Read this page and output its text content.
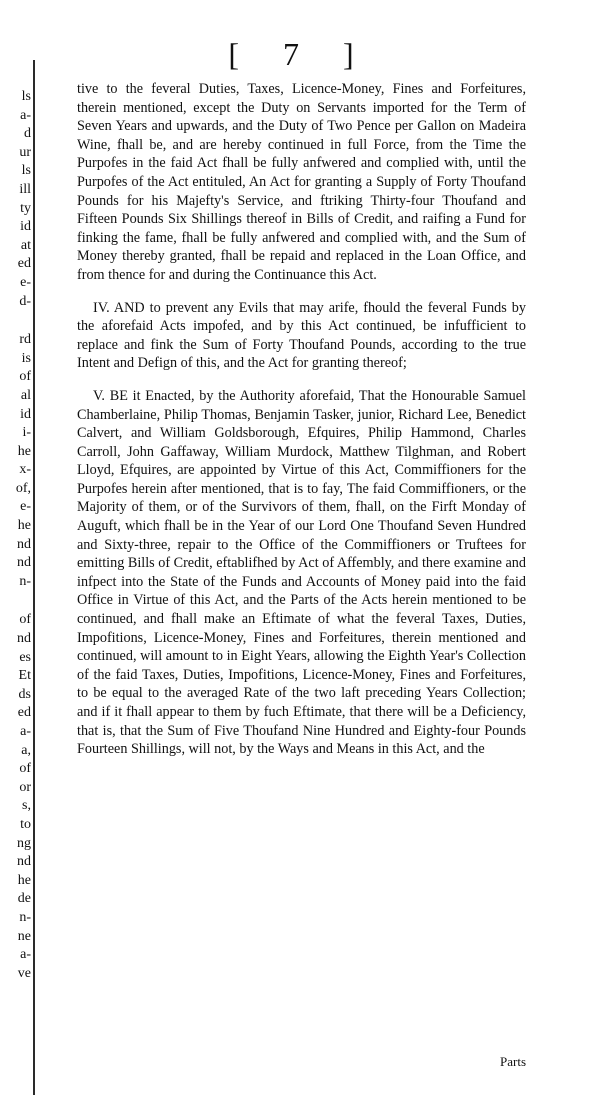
ls
a-
d
ur
ls
ill
ty
id
at
ed
e-
d-
rd
is
of
al
id
i-
he
x-
of,
e-
he
nd
nd
n-
of
nd
es
Et
ds
ed
a-
a,
of
or
s,
to
ng
nd
he
de
n-
ne
a-
ve
[ 7 ]

tive to the feveral Duties, Taxes, Licence-Money, Fines and Forfeitures, therein mentioned, except the Duty on Servants imported for the Term of Seven Years and upwards, and the Duty of Two Pence per Gallon on Madeira Wine, fhall be, and are hereby continued in full Force, from the Time the Purpofes in the faid Act fhall be fully anfwered and complied with, until the Purpofes of the Act entituled, An Act for granting a Supply of Forty Thoufand Pounds for his Majefty's Service, and ftriking Thirty-four Thoufand and Fifteen Pounds Six Shillings thereof in Bills of Credit, and raifing a Fund for finking the fame, fhall be fully anfwered and complied with, and the Sum of Money thereby granted, fhall be repaid and replaced in the Loan Office, and from thence for and during the Continuance this Act.

IV. AND to prevent any Evils that may arife, fhould the feveral Funds by the aforefaid Acts impofed, and by this Act continued, be infufficient to replace and fink the Sum of Forty Thoufand Pounds, according to the true Intent and Defign of this, and the Act for granting thereof;

V. BE it Enacted, by the Authority aforefaid, That the Honourable Samuel Chamberlaine, Philip Thomas, Benjamin Tasker, junior, Richard Lee, Benedict Calvert, and William Goldsborough, Efquires, Philip Hammond, Charles Carroll, John Gaffaway, William Murdock, Matthew Tilghman, and Robert Lloyd, Efquires, are appointed by Virtue of this Act, Commiffioners for the Purpofes herein after mentioned, that is to fay, The faid Commiffioners, or the Majority of them, or of the Survivors of them, fhall, on the Firft Monday of Auguft, which fhall be in the Year of our Lord One Thoufand Seven Hundred and Sixty-three, repair to the Office of the Commiffioners or Truftees for emitting Bills of Credit, eftablifhed by Act of Affembly, and there examine and infpect into the State of the Funds and Accounts of Money paid into the faid Office in Virtue of this Act, and the Parts of the Acts herein mentioned to be continued, and fhall make an Eftimate of what the feveral Taxes, Duties, Impofitions, Licence-Money, Fines and Forfeitures, therein mentioned and continued, will amount to in Eight Years, allowing the Eighth Year's Collection of the faid Taxes, Duties, Impofitions, Licence-Money, Fines and Forfeitures, to be equal to the averaged Rate of the two laft preceding Years Collection; and if it fhall appear to them by fuch Eftimate, that there will be a Deficiency, that is, that the Sum of Five Thoufand Nine Hundred and Eighty-four Pounds Fourteen Shillings, will not, by the Ways and Means in this Act, and the

Parts
